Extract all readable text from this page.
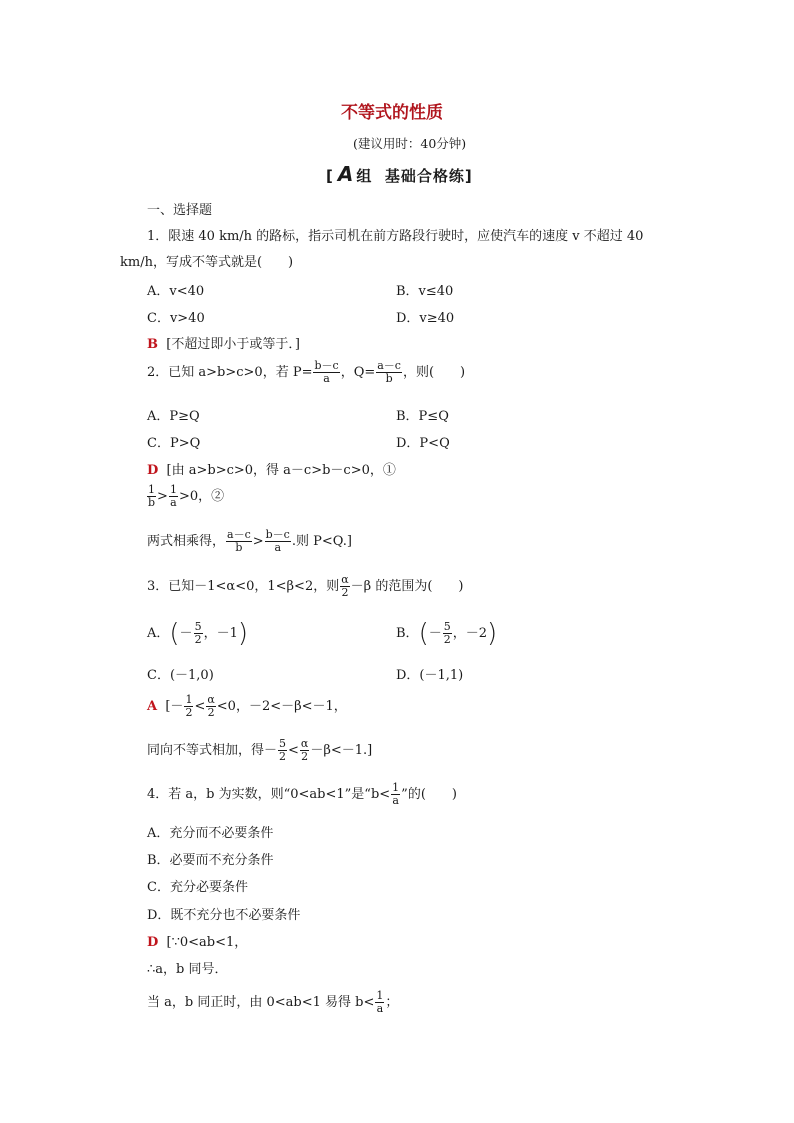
不等式的性质
(建议用时：40分钟)
[ A 组 基础合格练]
一、选择题
1．限速 40 km/h 的路标，指示司机在前方路段行驶时，应使汽车的速度 v 不超过 40
km/h，写成不等式就是(　　)
A．v<40	B．v≤40
C．v>40	D．v≥40
B [不超过即小于或等于．]
2．已知 a>b>c>0，若 $P= \frac{b-c}{a}$ ，$Q= \frac{a-c}{b}$ ，则(　　)
A．P≥Q	B．P≤Q
C．P>Q	D．P<Q
D [由 a>b>c>0，得 a－c>b－c>0，①
$\frac{1}{b} > \frac{1}{a} >0$，②
两式相乘得， $\frac{a-c}{b} > \frac{b-c}{a}$ .则 P<Q.]
3．已知－1<α<0，1<β<2，则 $\frac{\alpha}{2} -\beta$ 的范围为(　　)
A．(－ $\frac{5}{2}$ ，－1)	B．(－ $\frac{5}{2}$ ，－2)
C．(－1,0)	D．(－1,1)
A [－ $\frac{1}{2} < \frac{\alpha}{2} <0$，－2<－β<－1，
同向不等式相加，得－ $\frac{5}{2} < \frac{\alpha}{2} -\beta<-1$.]
4．若 a，b 为实数，则“0<ab<1”是“$b< \frac{1}{a}$ ”的(　　)
A．充分而不必要条件
B．必要而不充分条件
C．充分必要条件
D．既不充分也不必要条件
D [∵0<ab<1，
∴a，b 同号．
当 a，b 同正时，由 0<ab<1 易得 $b< \frac{1}{a}$ ；
